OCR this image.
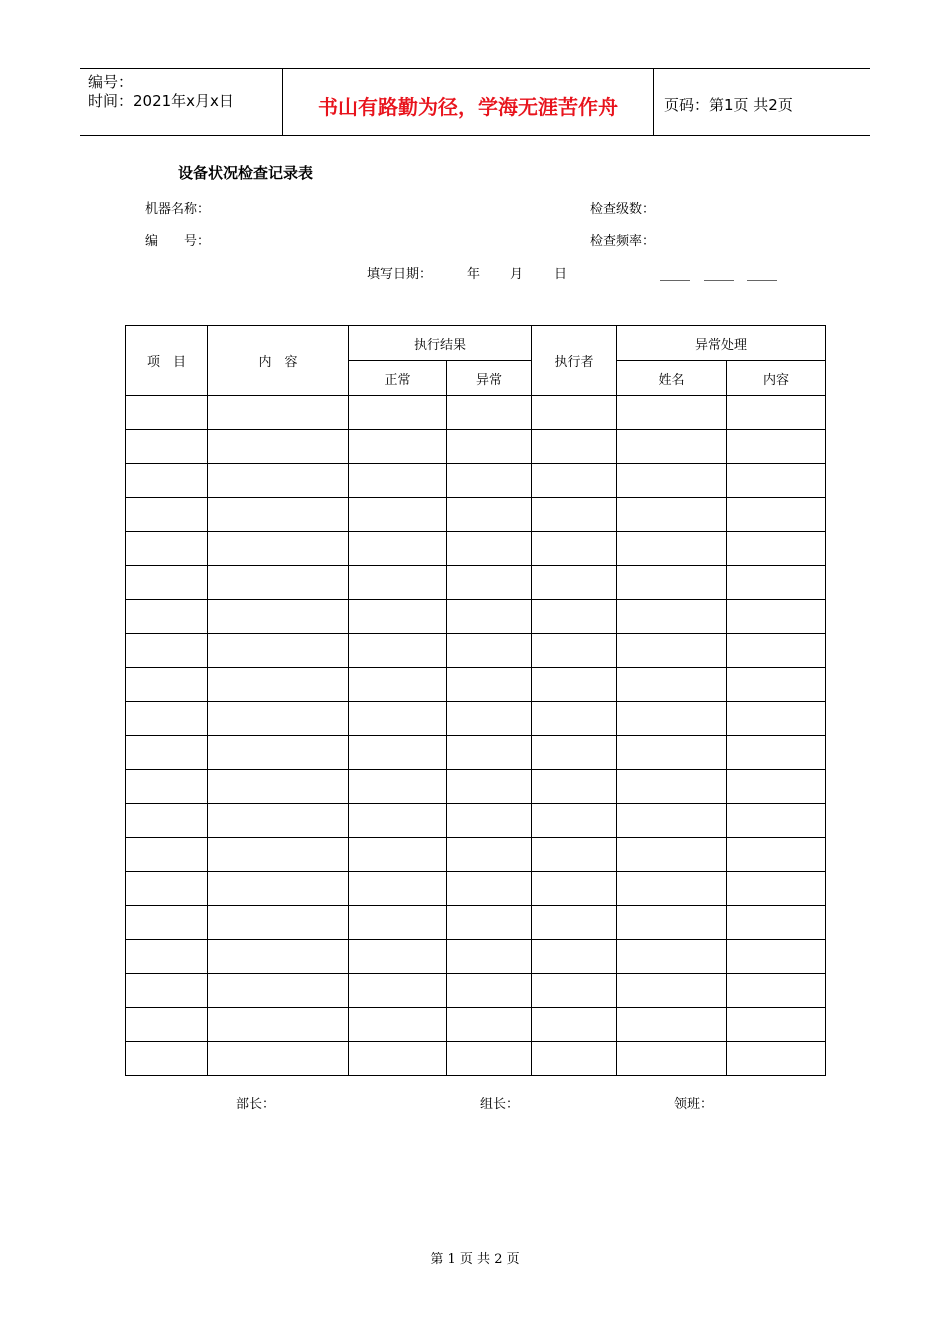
编号：
时间：2021年x月x日	书山有路勤为径，学海无涯苦作舟	页码：第1页 共2页
设备状况检查记录表
机器名称：	检查级数：
编　　号：	检查频率：
填写日期：	年 月 日
项　目	内　容	执行结果		执行者	异常处理	
		正常	异常		姓名	内容

部长：	组长：	领班：
第 1 页 共 2 页
